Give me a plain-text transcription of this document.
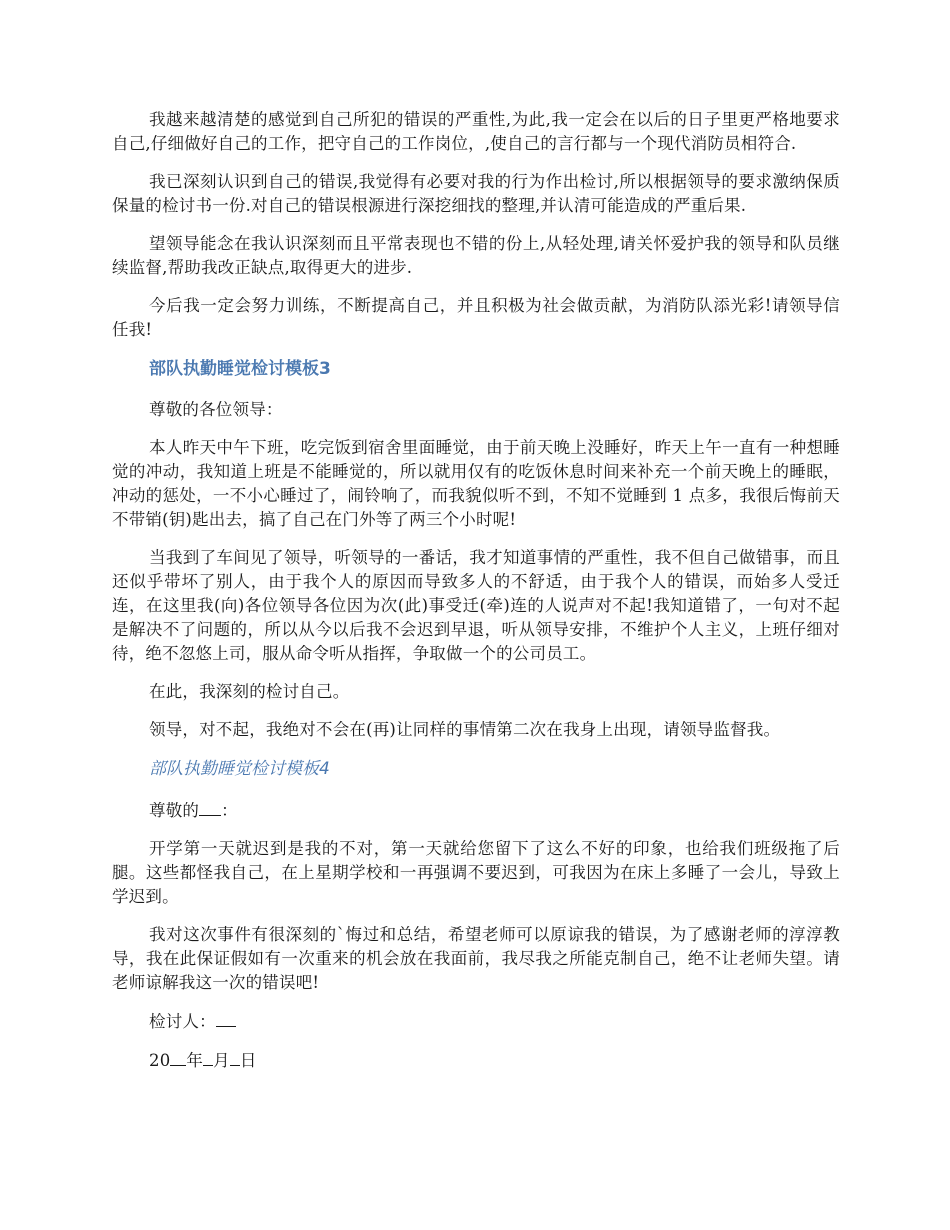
我越来越清楚的感觉到自己所犯的错误的严重性,为此,我一定会在以后的日子里更严格地要求自己,仔细做好自己的工作，把守自己的工作岗位，,使自己的言行都与一个现代消防员相符合.

我已深刻认识到自己的错误,我觉得有必要对我的行为作出检讨,所以根据领导的要求激纳保质保量的检讨书一份.对自己的错误根源进行深挖细找的整理,并认清可能造成的严重后果.

望领导能念在我认识深刻而且平常表现也不错的份上,从轻处理,请关怀爱护我的领导和队员继续监督,帮助我改正缺点,取得更大的进步.

今后我一定会努力训练，不断提高自己，并且积极为社会做贡献，为消防队添光彩!请领导信任我!

部队执勤睡觉检讨模板3

尊敬的各位领导：

本人昨天中午下班，吃完饭到宿舍里面睡觉，由于前天晚上没睡好，昨天上午一直有一种想睡觉的冲动，我知道上班是不能睡觉的，所以就用仅有的吃饭休息时间来补充一个前天晚上的睡眠，冲动的惩处，一不小心睡过了，闹铃响了，而我貌似听不到，不知不觉睡到 1 点多，我很后悔前天不带销(钥)匙出去，搞了自己在门外等了两三个小时呢!

当我到了车间见了领导，听领导的一番话，我才知道事情的严重性，我不但自己做错事，而且还似乎带坏了别人，由于我个人的原因而导致多人的不舒适，由于我个人的错误，而始多人受迁连，在这里我(向)各位领导各位因为次(此)事受迁(牵)连的人说声对不起!我知道错了，一句对不起是解决不了问题的，所以从今以后我不会迟到早退，听从领导安排，不维护个人主义，上班仔细对待，绝不忽悠上司，服从命令听从指挥，争取做一个的公司员工。

在此，我深刻的检讨自己。

领导，对不起，我绝对不会在(再)让同样的事情第二次在我身上出现，请领导监督我。

部队执勤睡觉检讨模板4

尊敬的 ：

开学第一天就迟到是我的不对，第一天就给您留下了这么不好的印象，也给我们班级拖了后腿。这些都怪我自己，在上星期学校和一再强调不要迟到，可我因为在床上多睡了一会儿，导致上学迟到。

我对这次事件有很深刻的`悔过和总结，希望老师可以原谅我的错误，为了感谢老师的淳淳教导，我在此保证假如有一次重来的机会放在我面前，我尽我之所能克制自己，绝不让老师失望。请老师谅解我这一次的错误吧!

检讨人：

20 年 月 日
